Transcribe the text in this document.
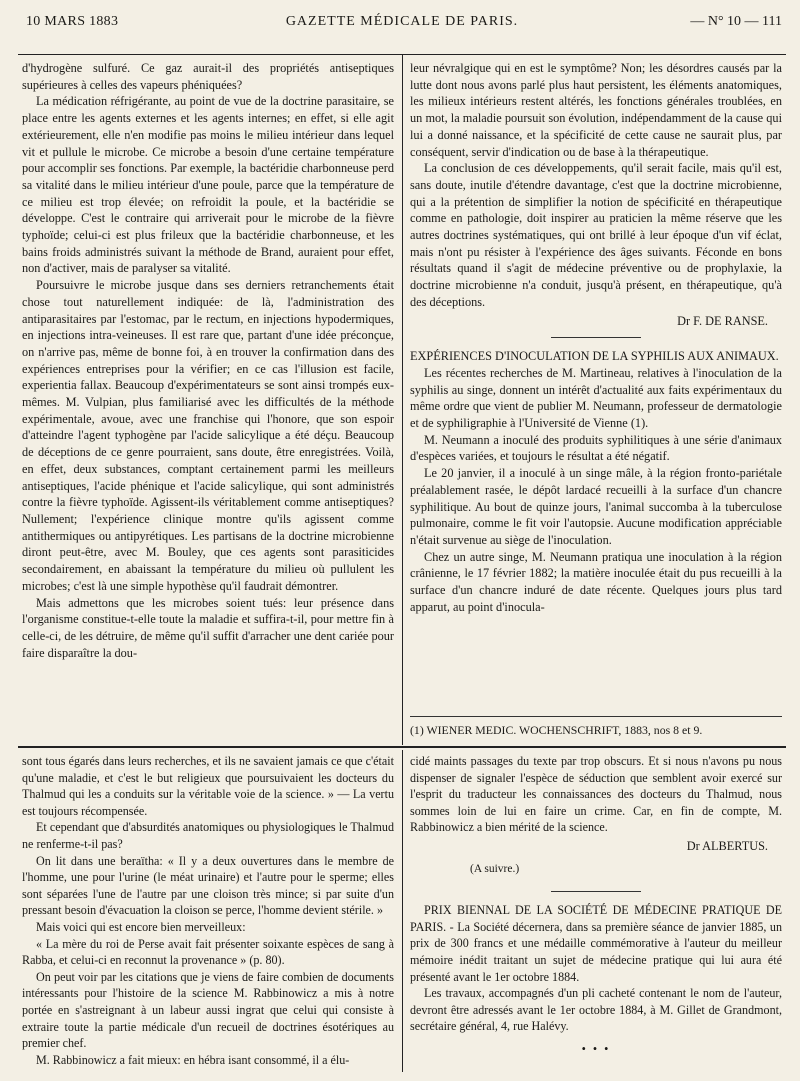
10 MARS 1883	GAZETTE MÉDICALE DE PARIS.	— N° 10 — 111

d'hydrogène sulfuré. Ce gaz aurait-il des propriétés antiseptiques supérieures à celles des vapeurs phéniquées?

La médication réfrigérante, au point de vue de la doctrine parasitaire, se place entre les agents externes et les agents internes; en effet, si elle agit extérieurement, elle n'en modifie pas moins le milieu intérieur dans lequel vit et pullule le microbe. Ce microbe a besoin d'une certaine température pour accomplir ses fonctions. Par exemple, la bactéridie charbonneuse perd sa vitalité dans le milieu intérieur d'une poule, parce que la température de ce milieu est trop élevée; on refroidit la poule, et la bactéridie se développe. C'est le contraire qui arriverait pour le microbe de la fièvre typhoïde; celui-ci est plus frileux que la bactéridie charbonneuse, et les bains froids administrés suivant la méthode de Brand, auraient pour effet, non d'activer, mais de paralyser sa vitalité.

Poursuivre le microbe jusque dans ses derniers retranchements était chose tout naturellement indiquée: de là, l'administration des antiparasitaires par l'estomac, par le rectum, en injections hypodermiques, en injections intra-veineuses. Il est rare que, partant d'une idée préconçue, on n'arrive pas, même de bonne foi, à en trouver la confirmation dans des expériences entreprises pour la vérifier; en ce cas l'illusion est facile, experientia fallax. Beaucoup d'expérimentateurs se sont ainsi trompés eux-mêmes. M. Vulpian, plus familiarisé avec les difficultés de la méthode expérimentale, avoue, avec une franchise qui l'honore, que son espoir d'atteindre l'agent typhogène par l'acide salicylique a été déçu. Beaucoup de déceptions de ce genre pourraient, sans doute, être enregistrées. Voilà, en effet, deux substances, comptant certainement parmi les meilleurs antiseptiques, l'acide phénique et l'acide salicylique, qui sont administrés contre la fièvre typhoïde. Agissent-ils véritablement comme antiseptiques? Nullement; l'expérience clinique montre qu'ils agissent comme antithermiques ou antipyrétiques. Les partisans de la doctrine microbienne diront peut-être, avec M. Bouley, que ces agents sont parasiticides secondairement, en abaissant la température du milieu où pullulent les microbes; c'est là une simple hypothèse qu'il faudrait démontrer.

Mais admettons que les microbes soient tués: leur présence dans l'organisme constitue-t-elle toute la maladie et suffira-t-il, pour mettre fin à celle-ci, de les détruire, de même qu'il suffit d'arracher une dent cariée pour faire disparaître la dou-

leur névralgique qui en est le symptôme? Non; les désordres causés par la lutte dont nous avons parlé plus haut persistent, les éléments anatomiques, les milieux intérieurs restent altérés, les fonctions générales troublées, en un mot, la maladie poursuit son évolution, indépendamment de la cause qui lui a donné naissance, et la spécificité de cette cause ne saurait plus, par conséquent, servir d'indication ou de base à la thérapeutique.

La conclusion de ces développements, qu'il serait facile, mais qu'il est, sans doute, inutile d'étendre davantage, c'est que la doctrine microbienne, qui a la prétention de simplifier la notion de spécificité en thérapeutique comme en pathologie, doit inspirer au praticien la même réserve que les autres doctrines systématiques, qui ont brillé à leur époque d'un vif éclat, mais n'ont pu résister à l'expérience des âges suivants. Féconde en bons résultats quand il s'agit de médecine préventive ou de prophylaxie, la doctrine microbienne n'a conduit, jusqu'à présent, en thérapeutique, qu'à des déceptions.

Dr F. DE RANSE.

EXPÉRIENCES D'INOCULATION DE LA SYPHILIS AUX ANIMAUX.

Les récentes recherches de M. Martineau, relatives à l'inoculation de la syphilis au singe, donnent un intérêt d'actualité aux faits expérimentaux du même ordre que vient de publier M. Neumann, professeur de dermatologie et de syphiligraphie à l'Université de Vienne (1).

M. Neumann a inoculé des produits syphilitiques à une série d'animaux d'espèces variées, et toujours le résultat a été négatif.

Le 20 janvier, il a inoculé à un singe mâle, à la région fronto-pariétale préalablement rasée, le dépôt lardacé recueilli à la surface d'un chancre syphilitique. Au bout de quinze jours, l'animal succomba à la tuberculose pulmonaire, comme le fit voir l'autopsie. Aucune modification appréciable n'était survenue au siège de l'inoculation.

Chez un autre singe, M. Neumann pratiqua une inoculation à la région crânienne, le 17 février 1882; la matière inoculée était du pus recueilli à la surface d'un chancre induré de date récente. Quelques jours plus tard apparut, au point d'inocula-

(1) WIENER MEDIC. WOCHENSCHRIFT, 1883, nos 8 et 9.

sont tous égarés dans leurs recherches, et ils ne savaient jamais ce que c'était qu'une maladie, et c'est le but religieux que poursuivaient les docteurs du Thalmud qui les a conduits sur la véritable voie de la science. » — La vertu est toujours récompensée.

Et cependant que d'absurdités anatomiques ou physiologiques le Thalmud ne renferme-t-il pas?

On lit dans une beraïtha: « Il y a deux ouvertures dans le membre de l'homme, une pour l'urine (le méat urinaire) et l'autre pour le sperme; elles sont séparées l'une de l'autre par une cloison très mince; si par suite d'un pressant besoin d'évacuation la cloison se perce, l'homme devient stérile. »

Mais voici qui est encore bien merveilleux:

« La mère du roi de Perse avait fait présenter soixante espèces de sang à Rabba, et celui-ci en reconnut la provenance » (p. 80).

On peut voir par les citations que je viens de faire combien de documents intéressants pour l'histoire de la science M. Rabbinowicz a mis à notre portée en s'astreignant à un labeur aussi ingrat que celui qui consiste à extraire toute la partie médicale d'un recueil de doctrines ésotériques au premier chef.

M. Rabbinowicz a fait mieux: en hébra isant consommé, il a élu-

cidé maints passages du texte par trop obscurs. Et si nous n'avons pu nous dispenser de signaler l'espèce de séduction que semblent avoir exercé sur l'esprit du traducteur les connaissances des docteurs du Thalmud, nous sommes loin de lui en faire un crime. Car, en fin de compte, M. Rabbinowicz a bien mérité de la science.

Dr ALBERTUS.
(A suivre.)

PRIX BIENNAL DE LA SOCIÉTÉ DE MÉDECINE PRATIQUE DE PARIS. - La Société décernera, dans sa première séance de janvier 1885, un prix de 300 francs et une médaille commémorative à l'auteur du meilleur mémoire inédit traitant un sujet de médecine pratique qui lui aura été présenté avant le 1er octobre 1884.

Les travaux, accompagnés d'un pli cacheté contenant le nom de l'auteur, devront être adressés avant le 1er octobre 1884, à M. Gillet de Grandmont, secrétaire général, 4, rue Halévy.

• • •
